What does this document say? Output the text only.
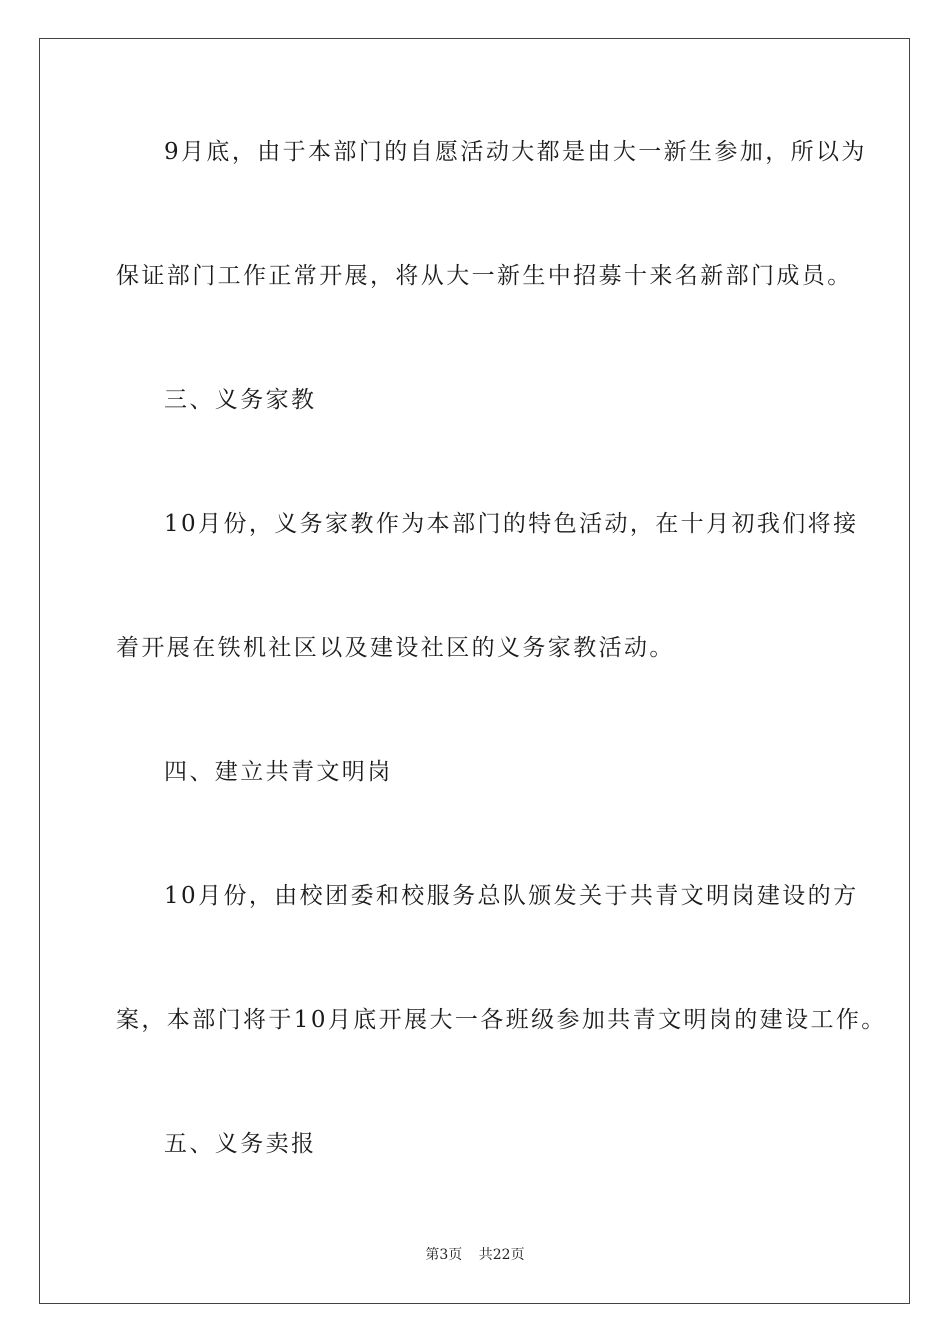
9月底，由于本部门的自愿活动大都是由大一新生参加，所以为
保证部门工作正常开展，将从大一新生中招募十来名新部门成员。
三、义务家教
10月份，义务家教作为本部门的特色活动，在十月初我们将接
着开展在铁机社区以及建设社区的义务家教活动。
四、建立共青文明岗
10月份，由校团委和校服务总队颁发关于共青文明岗建设的方
案，本部门将于10月底开展大一各班级参加共青文明岗的建设工作。
五、义务卖报
第3页 共22页
